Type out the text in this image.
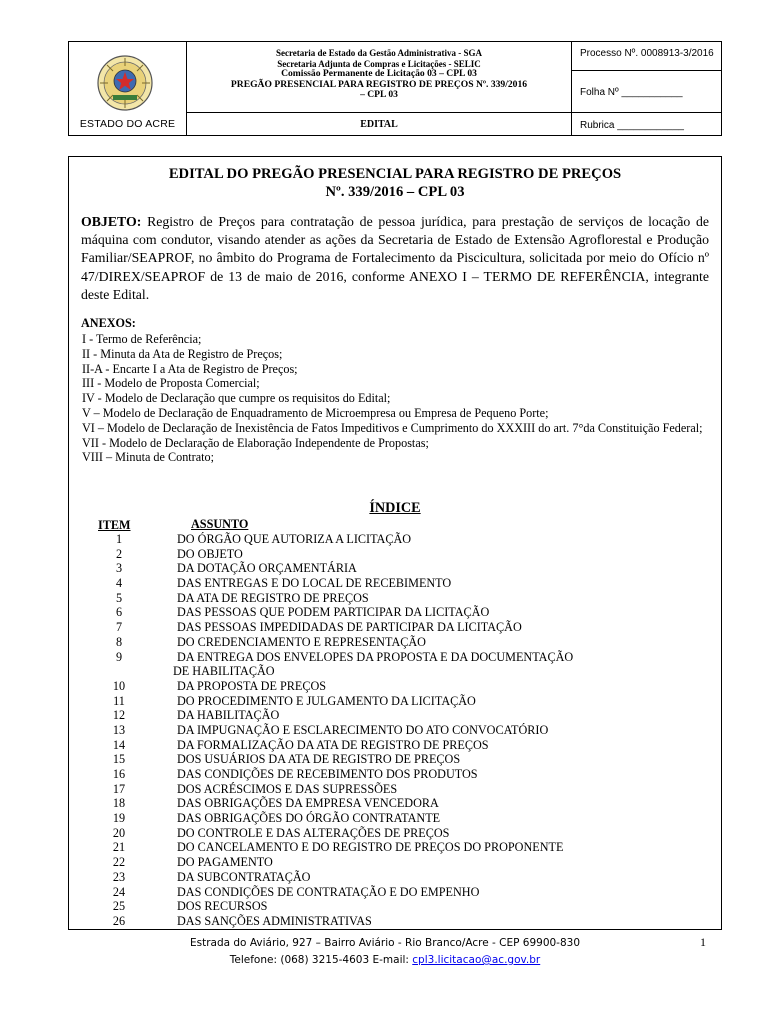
ESTADO DO ACRE
Secretaria de Estado da Gestão Administrativa - SGA
Secretaria Adjunta de Compras e Licitações - SELIC
Comissão Permanente de Licitação 03 – CPL 03
PREGÃO PRESENCIAL PARA REGISTRO DE PREÇOS Nº. 339/2016
– CPL 03
EDITAL
Processo Nº. 0008913-3/2016
Folha Nº ___________
Rubrica ____________
EDITAL DO PREGÃO PRESENCIAL PARA REGISTRO DE PREÇOS
Nº. 339/2016 – CPL 03
OBJETO: Registro de Preços para contratação de pessoa jurídica, para prestação de serviços de locação de máquina com condutor, visando atender as ações da Secretaria de Estado de Extensão Agroflorestal e Produção Familiar/SEAPROF, no âmbito do Programa de Fortalecimento da Piscicultura, solicitada por meio do Ofício nº 47/DIREX/SEAPROF de 13 de maio de 2016, conforme ANEXO I – TERMO DE REFERÊNCIA, integrante deste Edital.
ANEXOS:
I - Termo de Referência;
II - Minuta da Ata de Registro de Preços;
II-A - Encarte I a Ata de Registro de Preços;
III - Modelo de Proposta Comercial;
IV - Modelo de Declaração que cumpre os requisitos do Edital;
V – Modelo de Declaração de Enquadramento de Microempresa ou Empresa de Pequeno Porte;
VI – Modelo de Declaração de Inexistência de Fatos Impeditivos e Cumprimento do XXXIII do art. 7°da Constituição Federal;
VII - Modelo de Declaração de Elaboração Independente de Propostas;
VIII – Minuta de Contrato;
ÍNDICE
ITEM	ASSUNTO
1	DO ÓRGÃO QUE AUTORIZA A LICITAÇÃO
2	DO OBJETO
3	DA DOTAÇÃO ORÇAMENTÁRIA
4	DAS ENTREGAS E DO LOCAL DE RECEBIMENTO
5	DA ATA DE REGISTRO DE PREÇOS
6	DAS PESSOAS QUE PODEM PARTICIPAR DA LICITAÇÃO
7	DAS PESSOAS IMPEDIDADAS DE PARTICIPAR DA LICITAÇÃO
8	DO CREDENCIAMENTO E REPRESENTAÇÃO
9	DA ENTREGA DOS ENVELOPES DA PROPOSTA E DA DOCUMENTAÇÃO
DE HABILITAÇÃO
10	DA PROPOSTA DE PREÇOS
11	DO PROCEDIMENTO E JULGAMENTO DA LICITAÇÃO
12	DA HABILITAÇÃO
13	DA IMPUGNAÇÃO E ESCLARECIMENTO DO ATO CONVOCATÓRIO
14	DA FORMALIZAÇÃO DA ATA DE REGISTRO DE PREÇOS
15	DOS USUÁRIOS DA ATA DE REGISTRO DE PREÇOS
16	DAS CONDIÇÕES DE RECEBIMENTO DOS PRODUTOS
17	DOS ACRÉSCIMOS E DAS SUPRESSÕES
18	DAS OBRIGAÇÕES DA EMPRESA VENCEDORA
19	DAS OBRIGAÇÕES DO ÓRGÃO CONTRATANTE
20	DO CONTROLE E DAS ALTERAÇÕES DE PREÇOS
21	DO CANCELAMENTO E DO REGISTRO DE PREÇOS DO PROPONENTE
22	DO PAGAMENTO
23	DA SUBCONTRATAÇÃO
24	DAS CONDIÇÕES DE CONTRATAÇÃO E DO EMPENHO
25	DOS RECURSOS
26	DAS SANÇÕES ADMINISTRATIVAS
Estrada do Aviário, 927 – Bairro Aviário - Rio Branco/Acre - CEP 69900-830
Telefone: (068) 3215-4603 E-mail: cpl3.licitacao@ac.gov.br
1
